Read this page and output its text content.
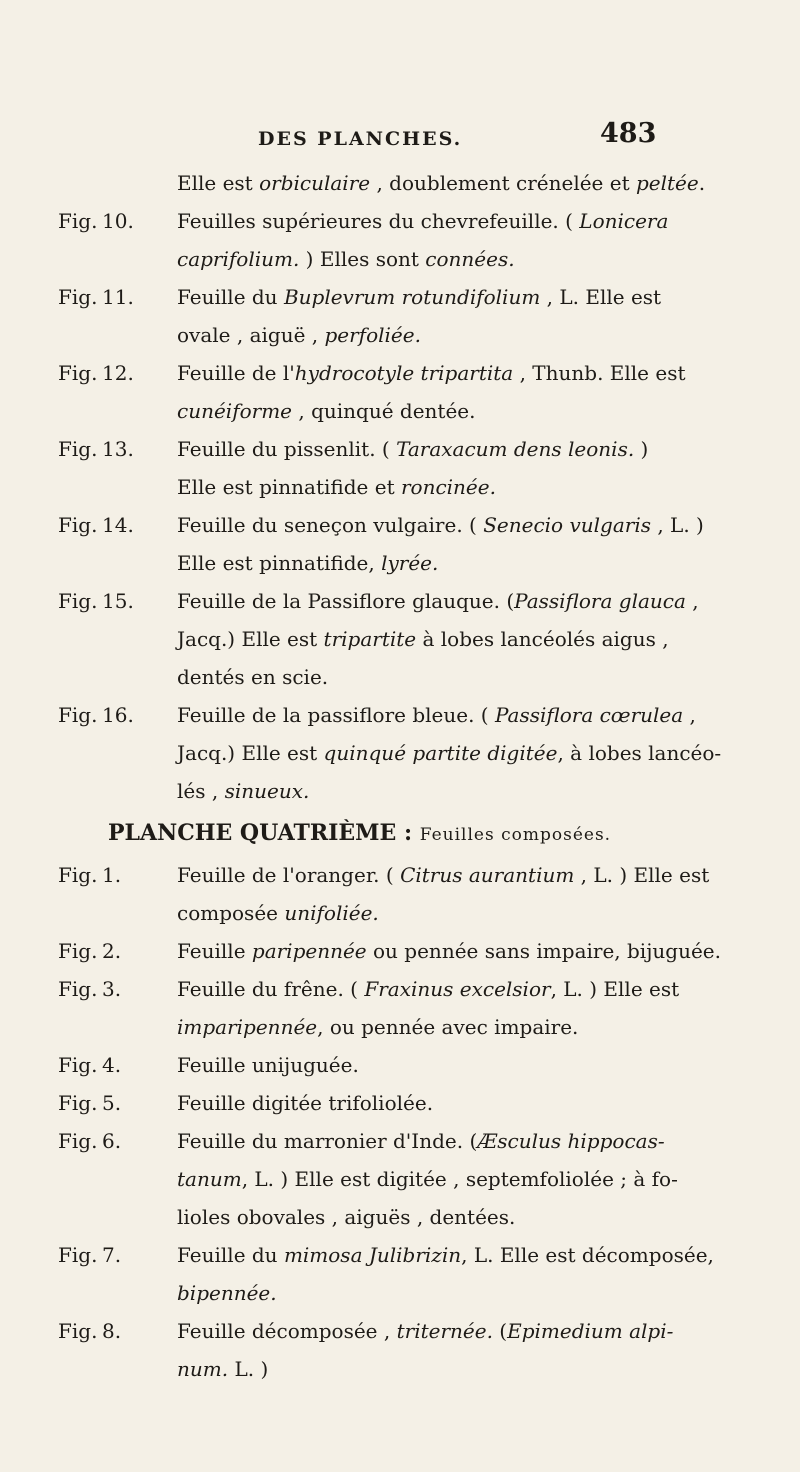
DES PLANCHES.	483
Elle est orbiculaire , doublement crénelée et peltée.
Fig. 10. Feuilles supérieures du chevrefeuille. ( Lonicera
caprifolium. ) Elles sont connées.
Fig. 11. Feuille du Buplevrum rotundifolium , L. Elle est
ovale , aiguë , perfoliée.
Fig. 12. Feuille de l'hydrocotyle tripartita , Thunb. Elle est
cunéiforme , quinqué dentée.
Fig. 13. Feuille du pissenlit. ( Taraxacum dens leonis. )
Elle est pinnatifide et roncinée.
Fig. 14. Feuille du seneçon vulgaire. ( Senecio vulgaris , L. )
Elle est pinnatifide, lyrée.
Fig. 15. Feuille de la Passiflore glauque. (Passiflora glauca ,
Jacq.) Elle est tripartite à lobes lancéolés aigus ,
dentés en scie.
Fig. 16. Feuille de la passiflore bleue. ( Passiflora cœrulea ,
Jacq.) Elle est quinqué partite digitée, à lobes lancéo-
lés , sinueux.
PLANCHE QUATRIÈME : Feuilles composées.
Fig. 1.	Feuille de l'oranger. ( Citrus aurantium , L. ) Elle est
composée unifoliée.
Fig. 2.	Feuille paripennée ou pennée sans impaire, bijuguée.
Fig. 3.	Feuille du frêne. ( Fraxinus excelsior, L. ) Elle est
imparipennée, ou pennée avec impaire.
Fig. 4.	Feuille unijuguée.
Fig. 5.	Feuille digitée trifoliolée.
Fig. 6.	Feuille du marronier d'Inde. (Æsculus hippocas-
tanum, L. ) Elle est digitée , septemfoliolée ; à fo-
lioles obovales , aiguës , dentées.
Fig. 7.	Feuille du mimosa Julibrizin, L. Elle est décomposée,
bipennée.
Fig. 8.	Feuille décomposée , triternée. (Epimedium alpi-
num. L. )
